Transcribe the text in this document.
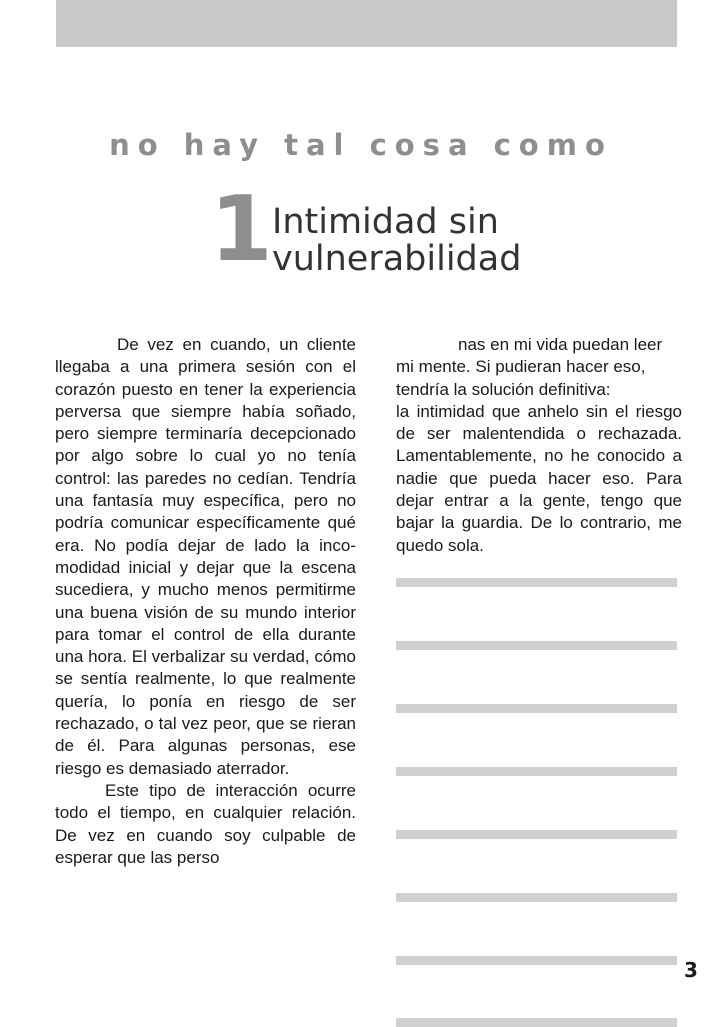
no hay tal cosa como
1 Intimidad sin
vulnerabilidad

De vez en cuando, un cliente llegaba a una primera sesión con el corazón puesto en tener la experiencia perversa que siempre había soñado, pero siempre terminaría decepcionado por algo sobre lo cual yo no tenía control: las paredes no cedían. Tendría una fantasía muy específica, pero no podría comunicar específicamente qué era. No podía dejar de lado la incomodidad inicial y dejar que la escena sucediera, y mucho menos permitirme una buena visión de su mundo interior para tomar el control de ella durante una hora. El verbalizar su verdad, cómo se sentía realmente, lo que realmente quería, lo ponía en riesgo de ser rechazado, o tal vez peor, que se rieran de él. Para algunas personas, ese riesgo es demasiado aterrador.

Este tipo de interacción ocurre todo el tiempo, en cualquier relación. De vez en cuando soy culpable de esperar que las perso

nas en mi vida puedan leer mi mente. Si pudieran hacer eso, tendría la solución definitiva:

la intimidad que anhelo sin el riesgo de ser malentendida o rechazada. Lamentablemente, no he conocido a nadie que pueda hacer eso. Para dejar entrar a la gente, tengo que bajar la guardia. De lo contrario, me quedo sola.

3
